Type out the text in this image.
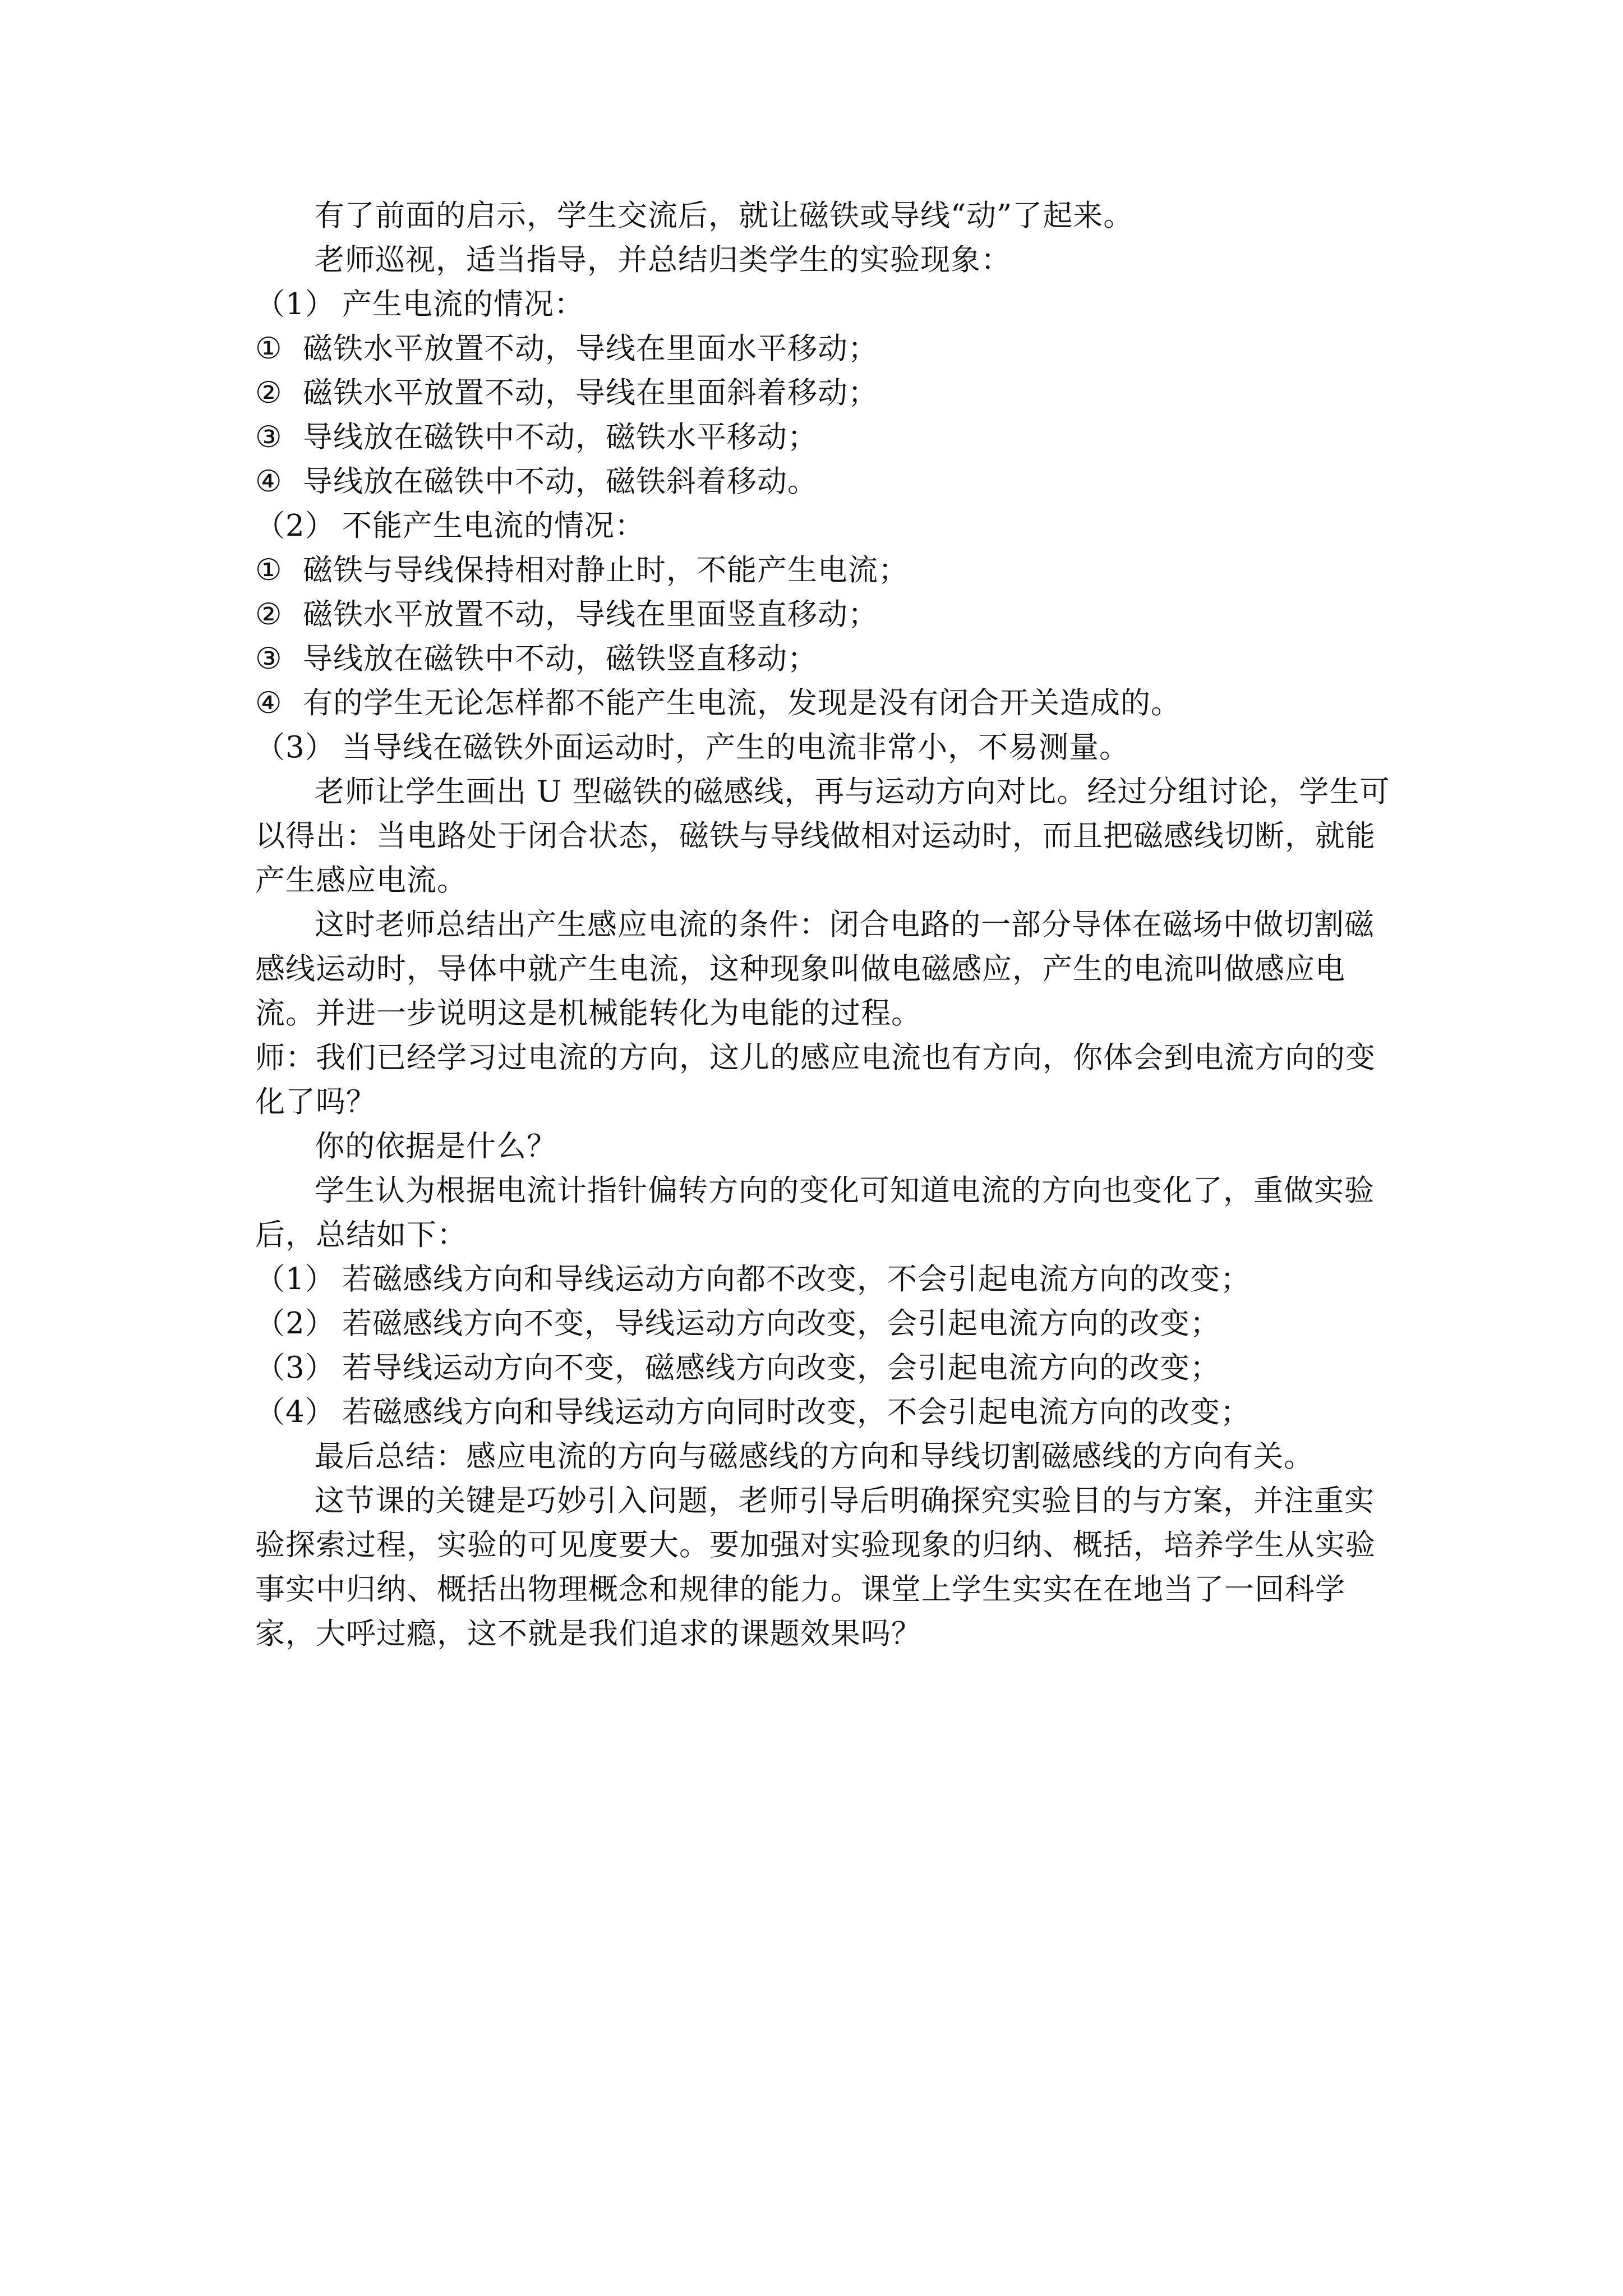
有了前面的启示，学生交流后，就让磁铁或导线“动”了起来。

老师巡视，适当指导，并总结归类学生的实验现象：

（1） 产生电流的情况：
① 磁铁水平放置不动，导线在里面水平移动；
② 磁铁水平放置不动，导线在里面斜着移动；
③ 导线放在磁铁中不动，磁铁水平移动；
④ 导线放在磁铁中不动，磁铁斜着移动。
（2） 不能产生电流的情况：
① 磁铁与导线保持相对静止时，不能产生电流；
② 磁铁水平放置不动，导线在里面竖直移动；
③ 导线放在磁铁中不动，磁铁竖直移动；
④ 有的学生无论怎样都不能产生电流，发现是没有闭合开关造成的。
（3） 当导线在磁铁外面运动时，产生的电流非常小，不易测量。

老师让学生画出 U 型磁铁的磁感线，再与运动方向对比。经过分组讨论，学生可以得出：当电路处于闭合状态，磁铁与导线做相对运动时，而且把磁感线切断，就能产生感应电流。

这时老师总结出产生感应电流的条件：闭合电路的一部分导体在磁场中做切割磁感线运动时，导体中就产生电流，这种现象叫做电磁感应，产生的电流叫做感应电流。并进一步说明这是机械能转化为电能的过程。

师：我们已经学习过电流的方向，这儿的感应电流也有方向，你体会到电流方向的变化了吗？

你的依据是什么？

学生认为根据电流计指针偏转方向的变化可知道电流的方向也变化了，重做实验后，总结如下：

（1） 若磁感线方向和导线运动方向都不改变，不会引起电流方向的改变；
（2） 若磁感线方向不变，导线运动方向改变，会引起电流方向的改变；
（3） 若导线运动方向不变，磁感线方向改变，会引起电流方向的改变；
（4） 若磁感线方向和导线运动方向同时改变，不会引起电流方向的改变；

最后总结：感应电流的方向与磁感线的方向和导线切割磁感线的方向有关。

这节课的关键是巧妙引入问题，老师引导后明确探究实验目的与方案，并注重实验探索过程，实验的可见度要大。要加强对实验现象的归纳、概括，培养学生从实验事实中归纳、概括出物理概念和规律的能力。课堂上学生实实在在地当了一回科学家，大呼过瘾，这不就是我们追求的课题效果吗？
